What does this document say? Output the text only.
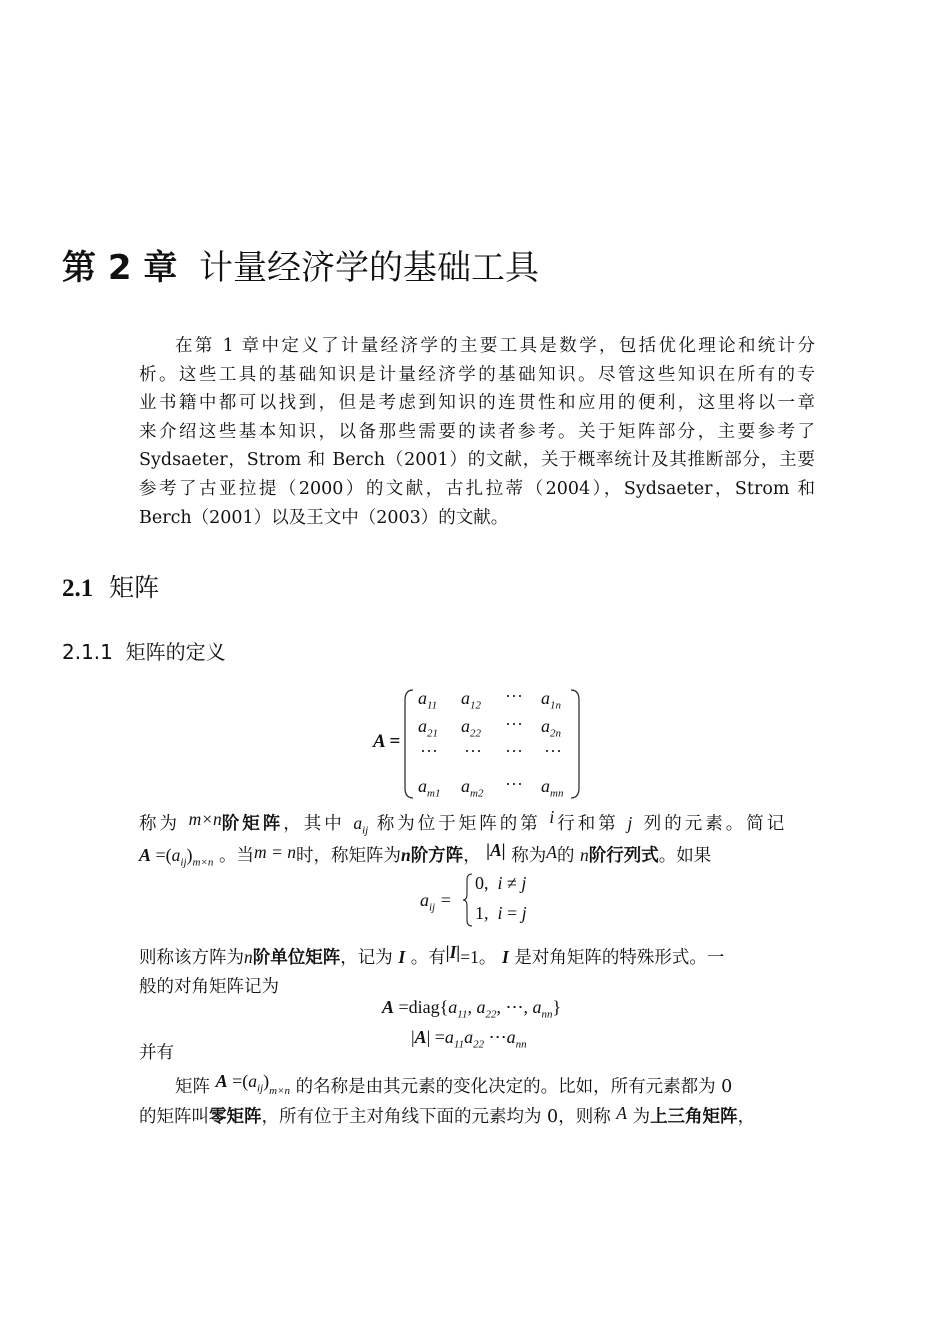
第 2 章 计量经济学的基础工具

在第 1 章中定义了计量经济学的主要工具是数学，包括优化理论和统计分

析。这些工具的基础知识是计量经济学的基础知识。尽管这些知识在所有的专

业书籍中都可以找到，但是考虑到知识的连贯性和应用的便利，这里将以一章

来介绍这些基本知识，以备那些需要的读者参考。关于矩阵部分，主要参考了

Sydsaeter，Strom 和 Berch（2001）的文献，关于概率统计及其推断部分，主要

参考了古亚拉提（2000）的文献，古扎拉蒂（2004），Sydsaeter，Strom 和

Berch（2001）以及王文中（2003）的文献。

2.1 矩阵
2.1.1 矩阵的定义
A =
$a_{11}$ $a_{12}$ ⋯ $a_{1n}$
$a_{21}$ $a_{22}$ ⋯ $a_{2n}$
⋯ ⋯ ⋯ ⋯
$a_{m1}$ $a_{m2}$ ⋯ $a_{mn}$
称为 m×n阶矩阵，其中 $a_{ij}$ 称为位于矩阵的第 i行和第 j 列的元素。简记
$A =(a_{ij})_{m\times n}$ 。当m = n时，称矩阵为n阶方阵， |A| 称为A的 n阶行列式。如果
$a_{ij}$ =
0, i ≠ j
1, i = j
则称该方阵为n阶单位矩阵，记为 I 。有|I|=1。 I 是对角矩阵的特殊形式。一
般的对角矩阵记为
$A =diag\{a_{11}$, $a_{22}$, ⋯, $a_{nn}$}
$|A| =a_{11}a_{22}$ $\cdots a_{nn}$
并有
矩阵 $A =(a_{ij})_{m\times n}$ 的名称是由其元素的变化决定的。比如，所有元素都为 0
的矩阵叫零矩阵，所有位于主对角线下面的元素均为 0，则称 A 为上三角矩阵，
